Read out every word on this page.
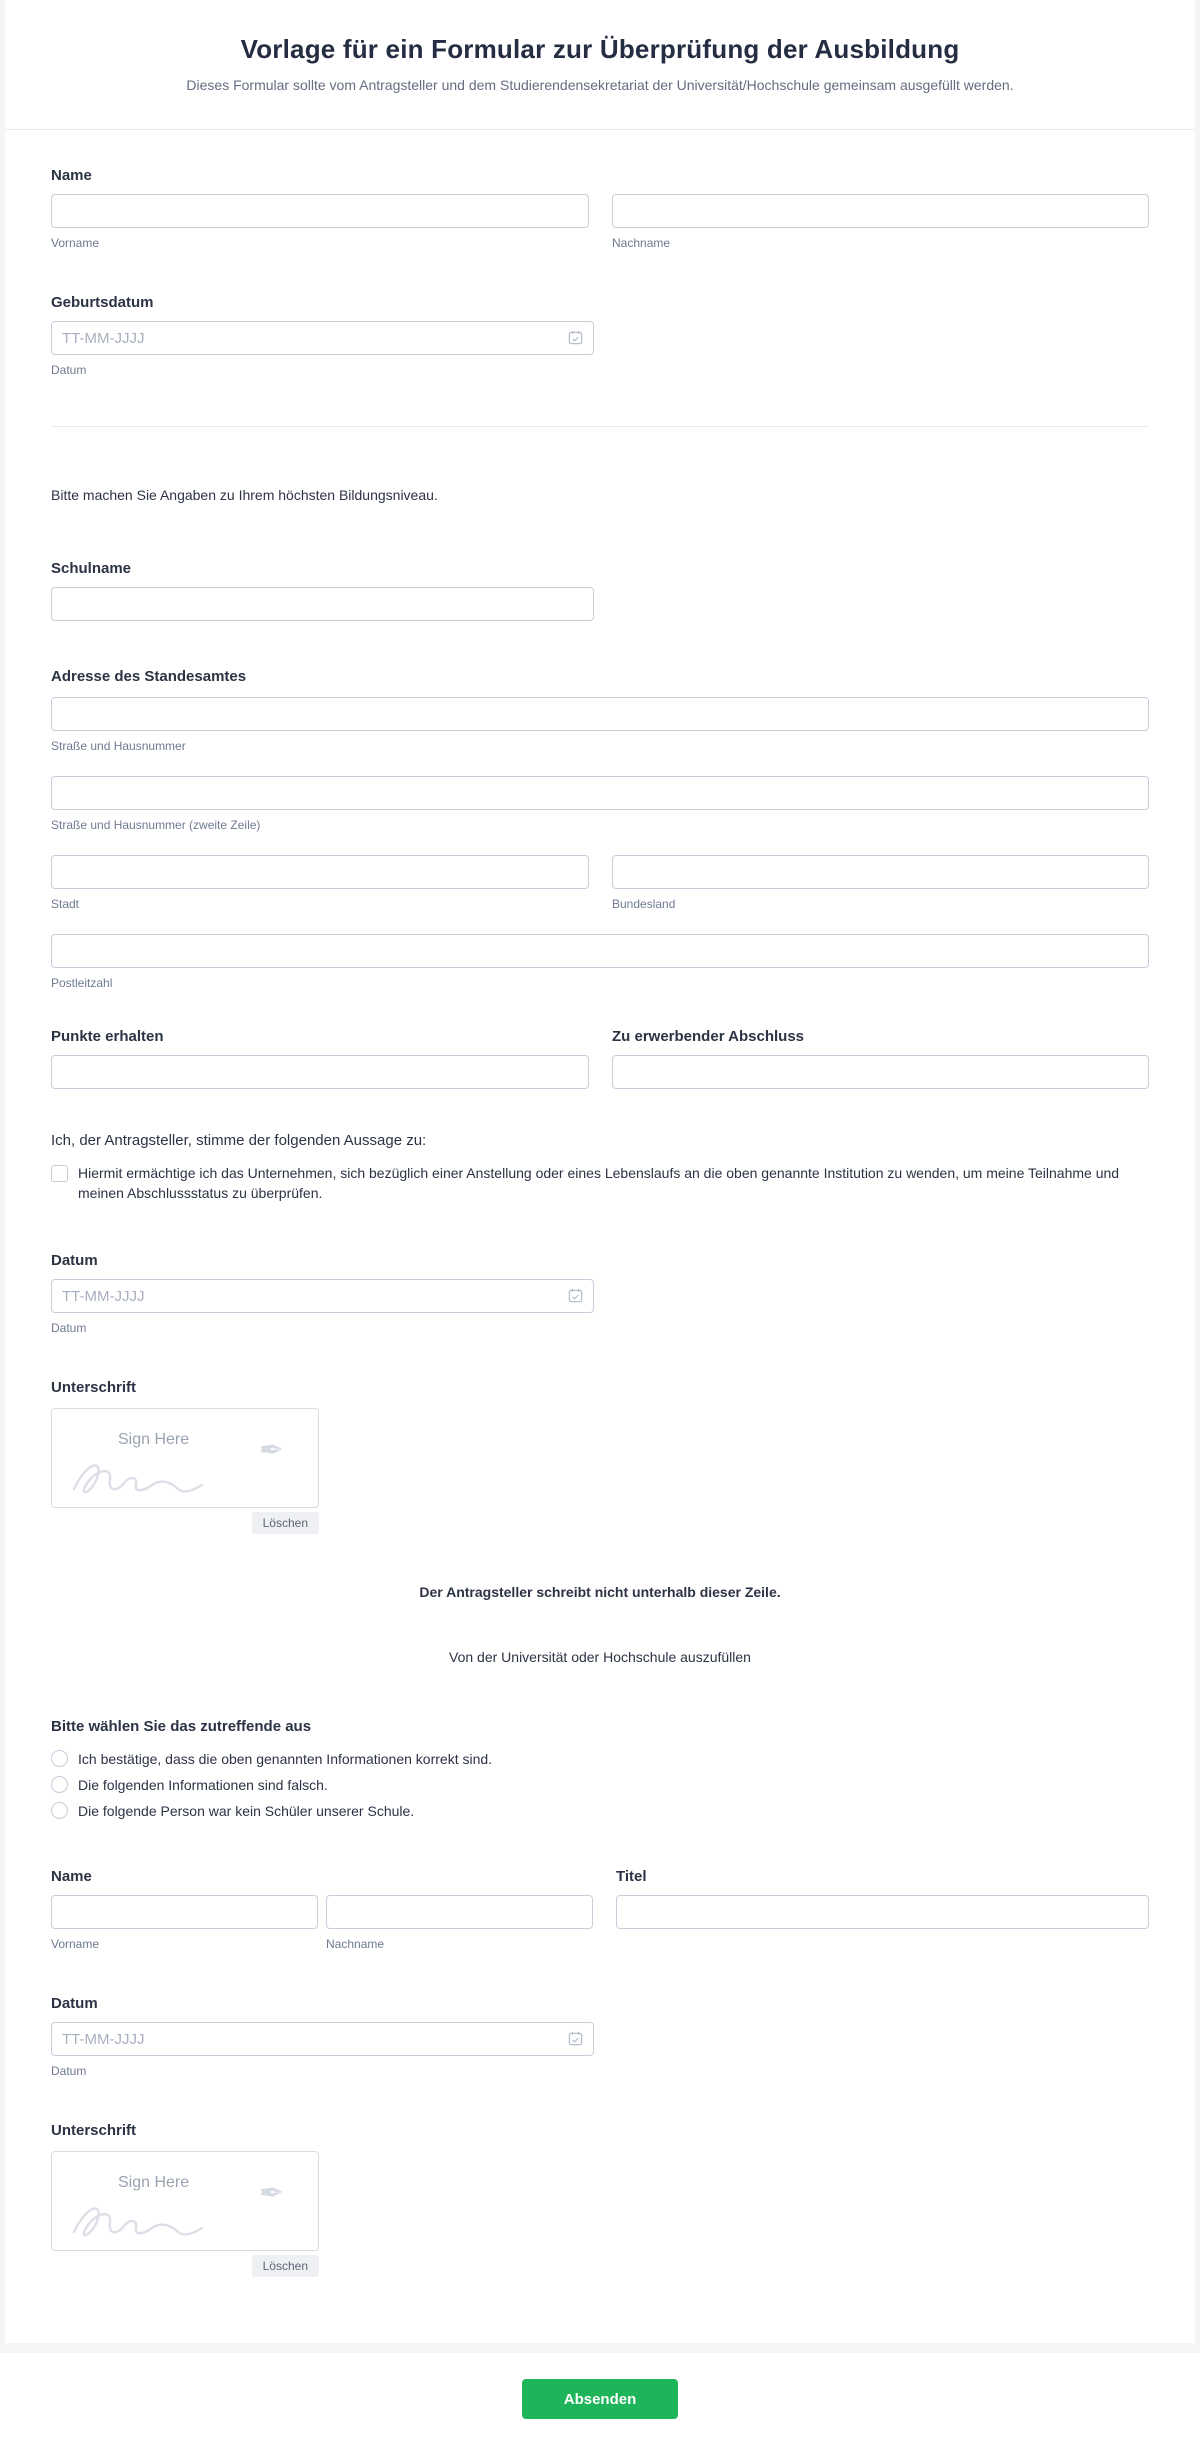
Vorlage für ein Formular zur Überprüfung der Ausbildung

Dieses Formular sollte vom Antragsteller und dem Studierendensekretariat der Universität/Hochschule gemeinsam ausgefüllt werden.

Name
Vorname	Nachname
Geburtsdatum
TT-MM-JJJJ
Datum
Bitte machen Sie Angaben zu Ihrem höchsten Bildungsniveau.
Schulname
Adresse des Standesamtes
Straße und Hausnummer
Straße und Hausnummer (zweite Zeile)
Stadt	Bundesland
Postleitzahl
Punkte erhalten	Zu erwerbender Abschluss
Ich, der Antragsteller, stimme der folgenden Aussage zu:
Hiermit ermächtige ich das Unternehmen, sich bezüglich einer Anstellung oder eines Lebenslaufs an die oben genannte Institution zu wenden, um meine Teilnahme und meinen Abschlussstatus zu überprüfen.
Datum
TT-MM-JJJJ
Datum
Unterschrift
Sign Here ✒
Löschen
Der Antragsteller schreibt nicht unterhalb dieser Zeile.
Von der Universität oder Hochschule auszufüllen
Bitte wählen Sie das zutreffende aus
Ich bestätige, dass die oben genannten Informationen korrekt sind.
Die folgenden Informationen sind falsch.
Die folgende Person war kein Schüler unserer Schule.
Name
Vorname	Nachname
Titel
Datum
TT-MM-JJJJ
Datum
Unterschrift
Sign Here ✒
Löschen
Absenden
